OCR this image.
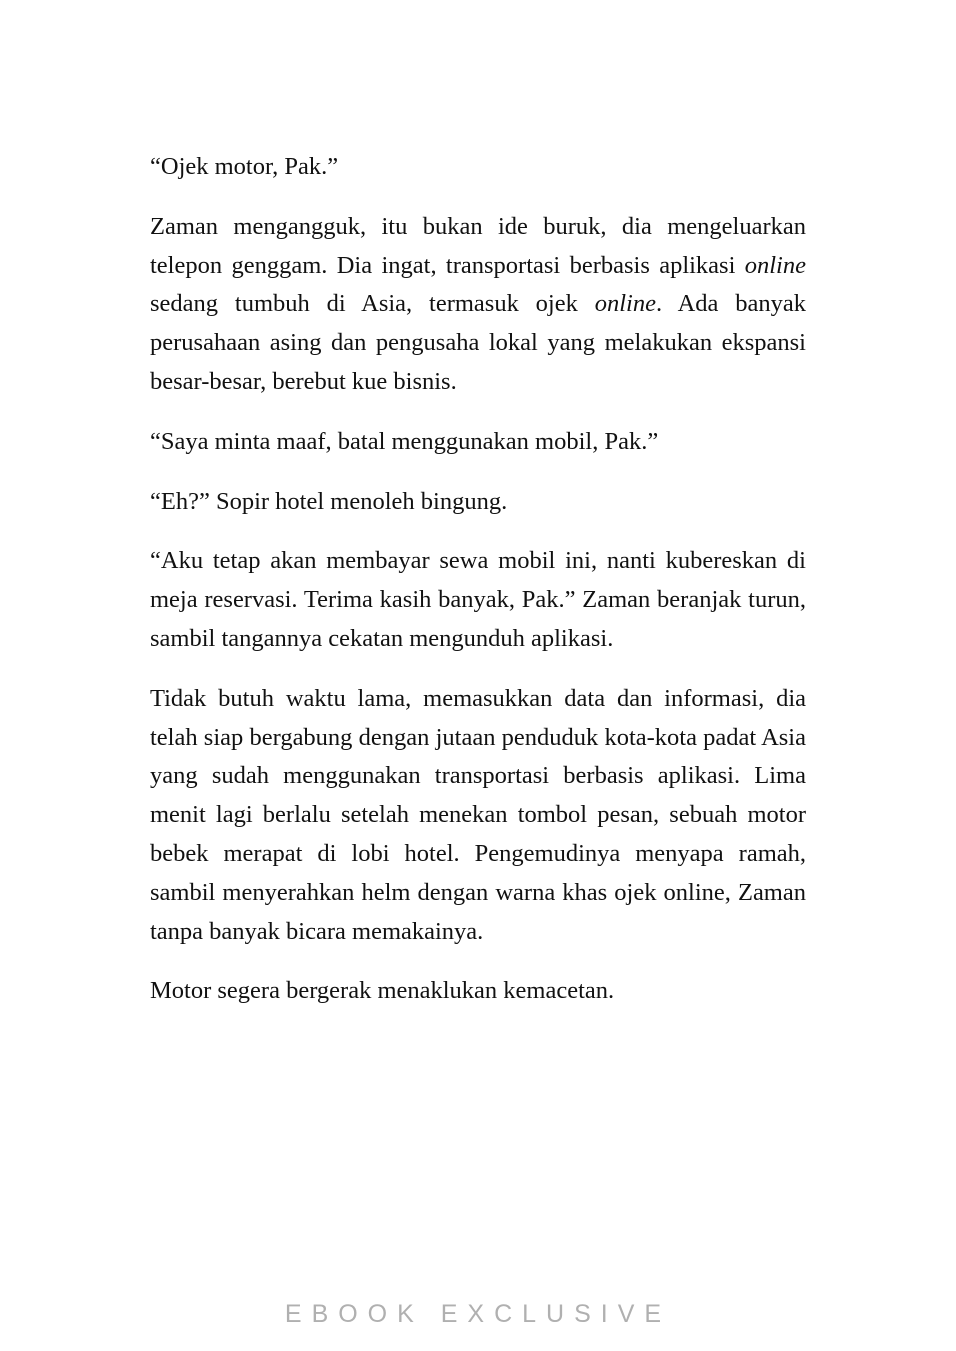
“Ojek motor, Pak.”

Zaman mengangguk, itu bukan ide buruk, dia mengeluarkan telepon genggam. Dia ingat, transportasi berbasis aplikasi online sedang tumbuh di Asia, termasuk ojek online. Ada banyak perusahaan asing dan pengusaha lokal yang melakukan ekspansi besar-besar, berebut kue bisnis.

“Saya minta maaf, batal menggunakan mobil, Pak.”

“Eh?” Sopir hotel menoleh bingung.

“Aku tetap akan membayar sewa mobil ini, nanti kubereskan di meja reservasi. Terima kasih banyak, Pak.” Zaman beranjak turun, sambil tangannya cekatan mengunduh aplikasi.

Tidak butuh waktu lama, memasukkan data dan informasi, dia telah siap bergabung dengan jutaan penduduk kota-kota padat Asia yang sudah menggunakan transportasi berbasis aplikasi. Lima menit lagi berlalu setelah menekan tombol pesan, sebuah motor bebek merapat di lobi hotel. Pengemudinya menyapa ramah, sambil menyerahkan helm dengan warna khas ojek online, Zaman tanpa banyak bicara memakainya.

Motor segera bergerak menaklukan kemacetan.

EBOOK EXCLUSIVE
